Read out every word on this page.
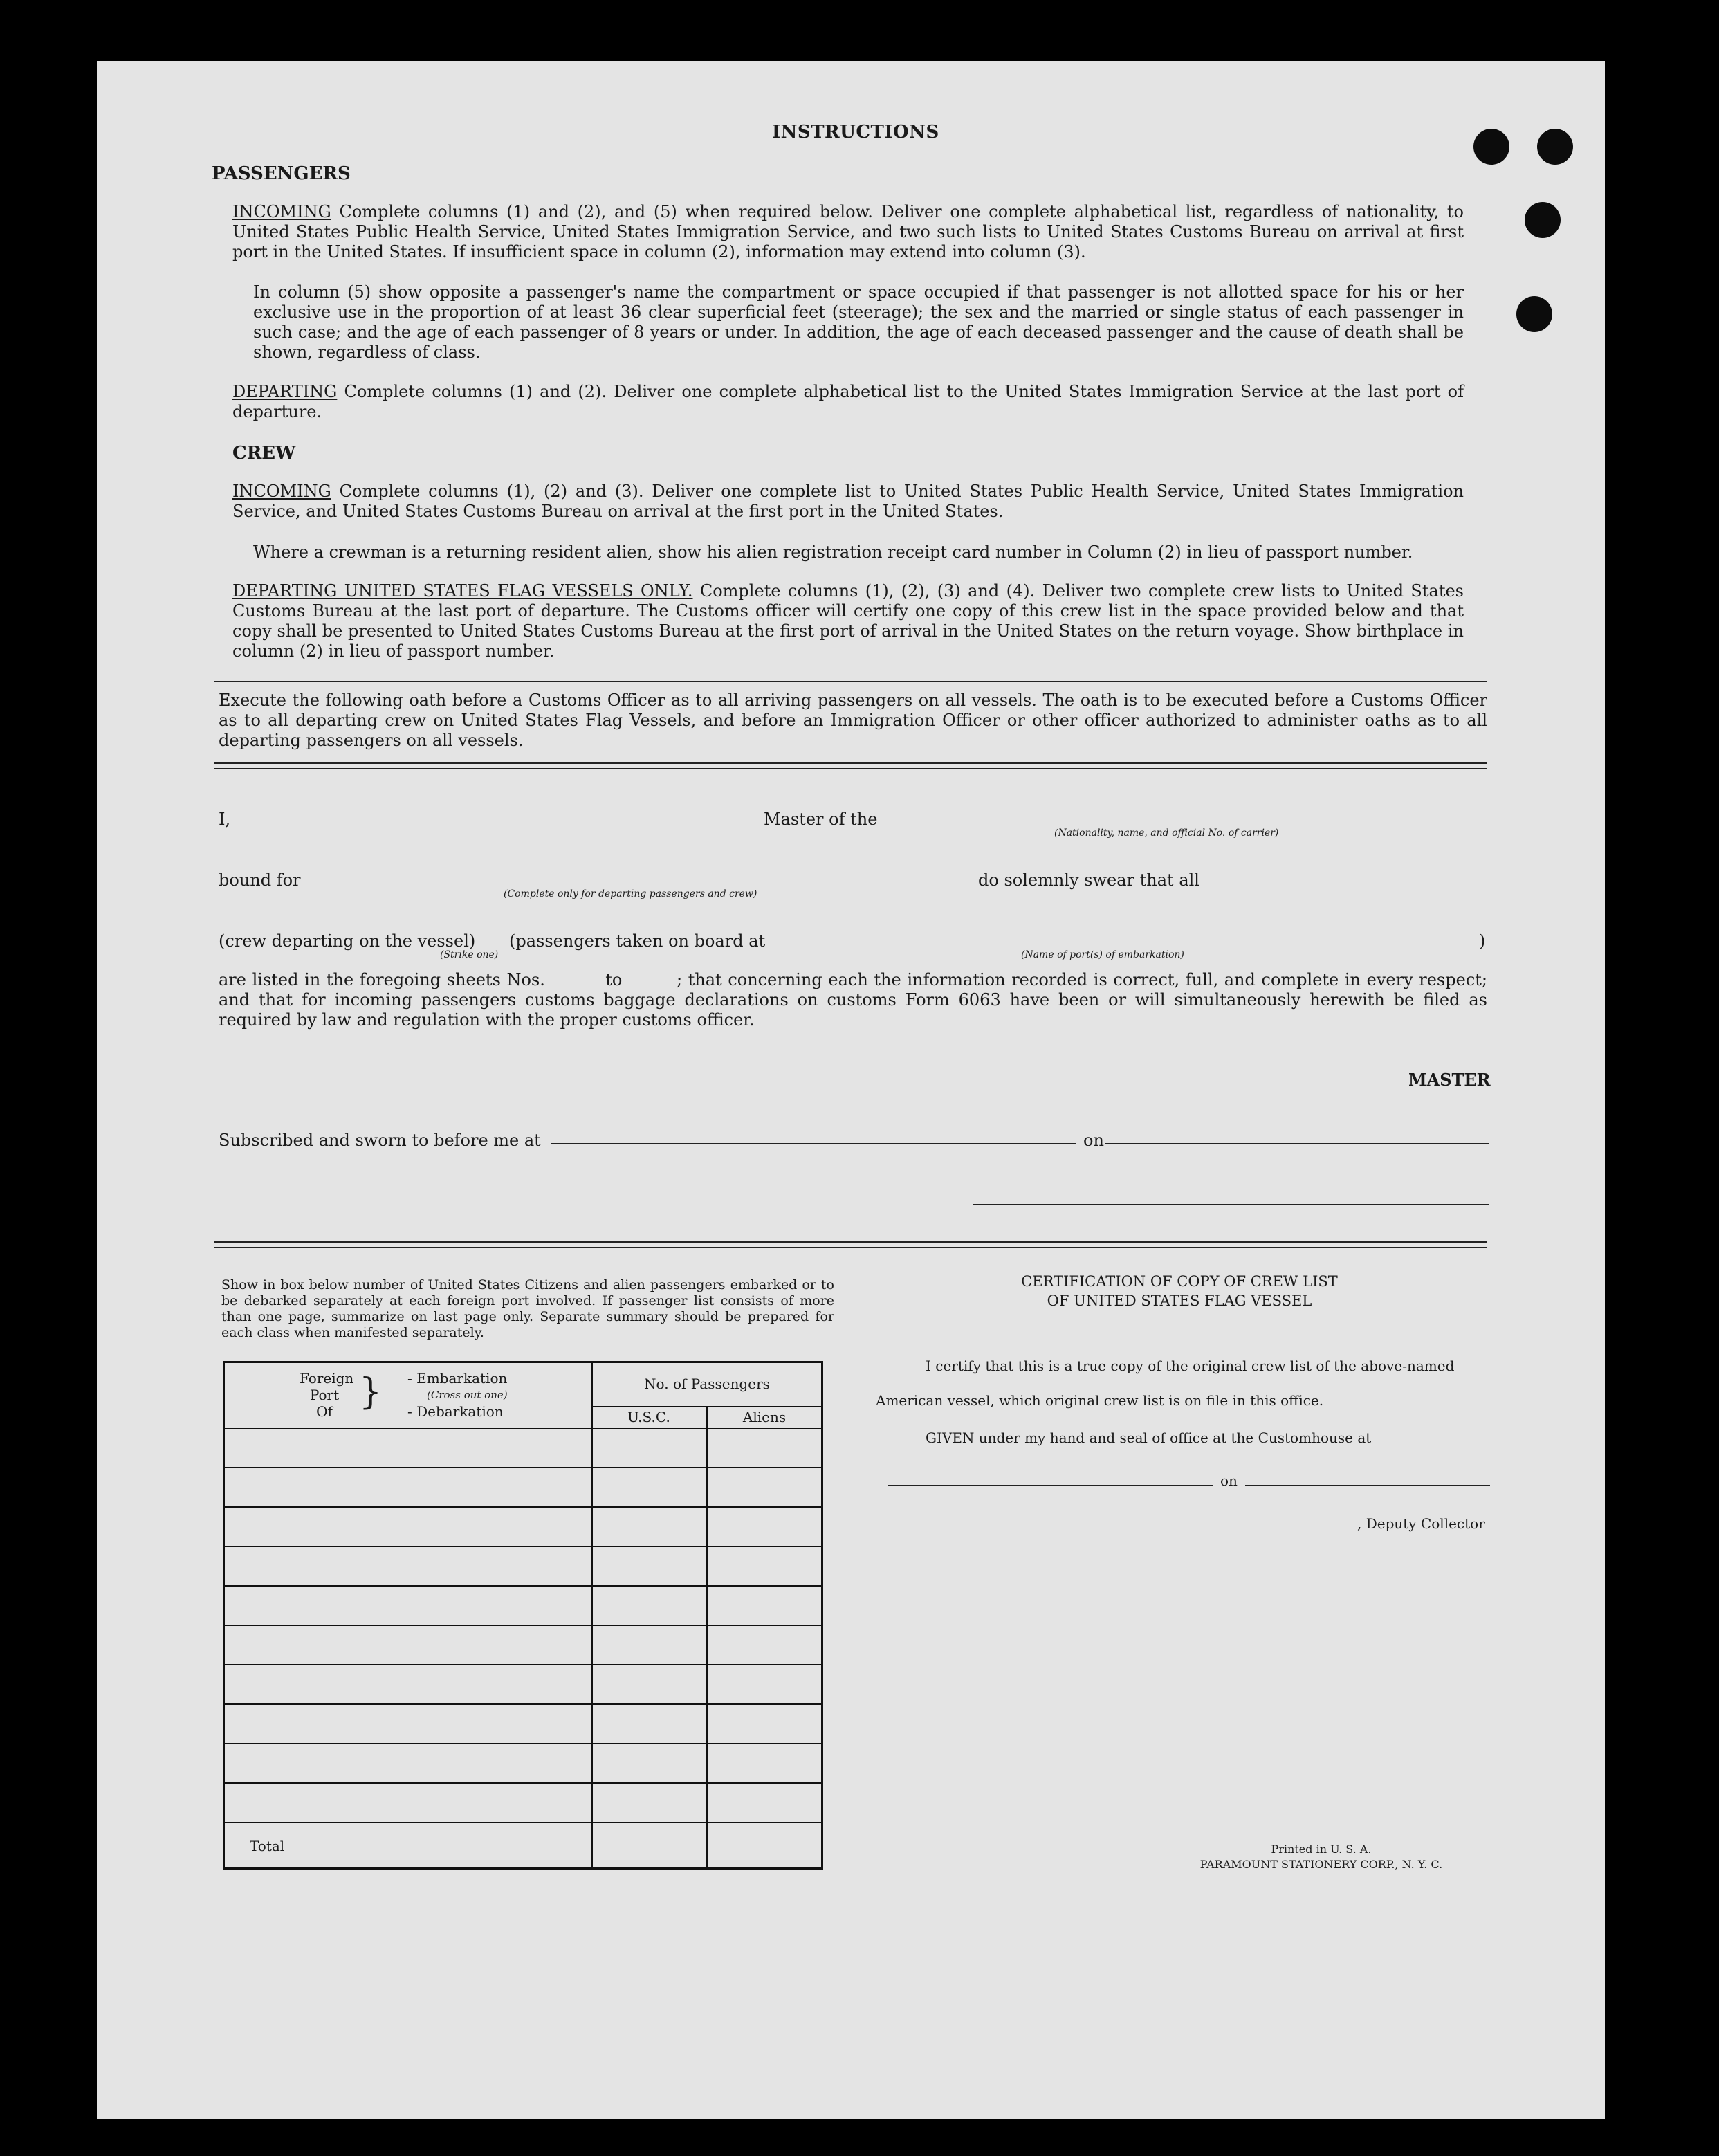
INSTRUCTIONS
PASSENGERS
INCOMING Complete columns (1) and (2), and (5) when required below. Deliver one complete alphabetical list, regardless of nationality, to United States Public Health Service, United States Immigration Service, and two such lists to United States Customs Bureau on arrival at first port in the United States. If insufficient space in column (2), information may extend into column (3).
In column (5) show opposite a passenger's name the compartment or space occupied if that passenger is not allotted space for his or her exclusive use in the proportion of at least 36 clear superficial feet (steerage); the sex and the married or single status of each passenger in such case; and the age of each passenger of 8 years or under. In addition, the age of each deceased passenger and the cause of death shall be shown, regardless of class.
DEPARTING Complete columns (1) and (2). Deliver one complete alphabetical list to the United States Immigration Service at the last port of departure.
CREW
INCOMING Complete columns (1), (2) and (3). Deliver one complete list to United States Public Health Service, United States Immigration Service, and United States Customs Bureau on arrival at the first port in the United States.
Where a crewman is a returning resident alien, show his alien registration receipt card number in Column (2) in lieu of passport number.
DEPARTING UNITED STATES FLAG VESSELS ONLY. Complete columns (1), (2), (3) and (4). Deliver two complete crew lists to United States Customs Bureau at the last port of departure. The Customs officer will certify one copy of this crew list in the space provided below and that copy shall be presented to United States Customs Bureau at the first port of arrival in the United States on the return voyage. Show birthplace in column (2) in lieu of passport number.
Execute the following oath before a Customs Officer as to all arriving passengers on all vessels. The oath is to be executed before a Customs Officer as to all departing crew on United States Flag Vessels, and before an Immigration Officer or other officer authorized to administer oaths as to all departing passengers on all vessels.
I,	Master of the
(Nationality, name, and official No. of carrier)
bound for
(Complete only for departing passengers and crew)
do solemnly swear that all
(crew departing on the vessel)
(Strike one)
(passengers taken on board at
(Name of port(s) of embarkation)
)
are listed in the foregoing sheets Nos.	to	; that concerning each the information recorded is correct, full, and complete in every respect; and that for incoming passengers customs baggage declarations on customs Form 6063 have been or will simultaneously herewith be filed as required by law and regulation with the proper customs officer.
MASTER
Subscribed and sworn to before me at	on
Show in box below number of United States Citizens and alien passengers embarked or to be debarked separately at each foreign port involved. If passenger list consists of more than one page, summarize on last page only. Separate summary should be prepared for each class when manifested separately.
Foreign
Port
Of } - Embarkation
(Cross out one)
- Debarkation
No. of Passengers
U.S.C.	Aliens
Total
CERTIFICATION OF COPY OF CREW LIST
OF UNITED STATES FLAG VESSEL
I certify that this is a true copy of the original crew list of the above-named
American vessel, which original crew list is on file in this office.
GIVEN under my hand and seal of office at the Customhouse at
on
, Deputy Collector
Printed in U. S. A.
PARAMOUNT STATIONERY CORP., N. Y. C.
